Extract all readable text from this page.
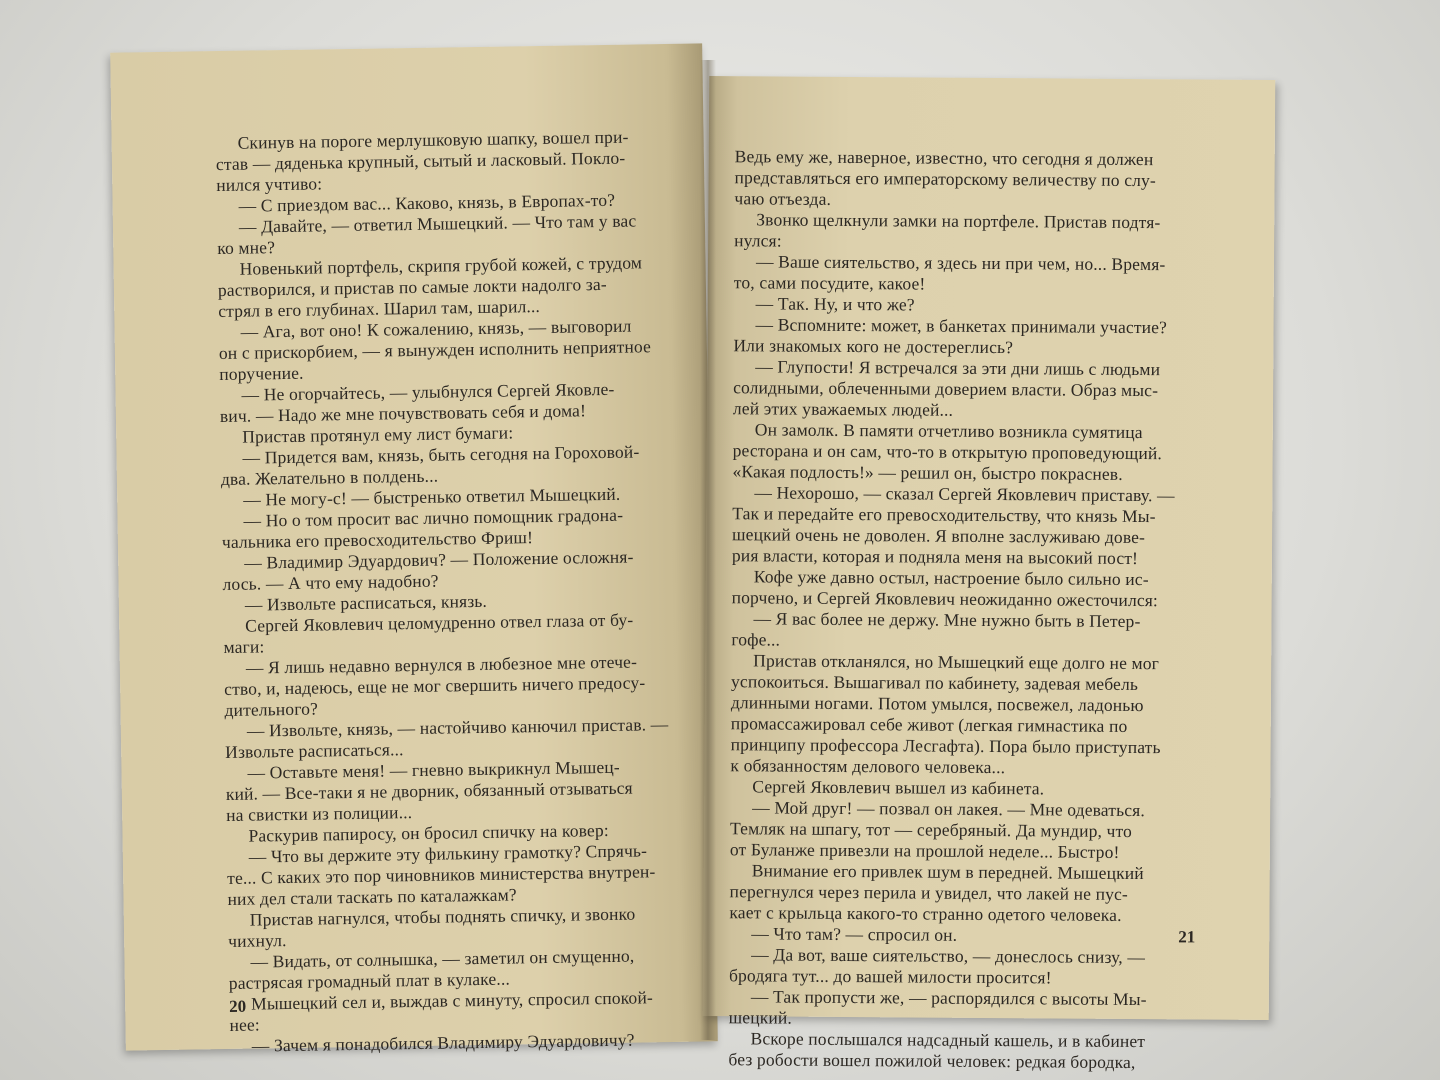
Скинув на пороге мерлушковую шапку, вошел при-
став — дяденька крупный, сытый и ласковый. Покло-
нился учтиво:
— С приездом вас... Каково, князь, в Европах-то?
— Давайте, — ответил Мышецкий. — Что там у вас
ко мне?
Новенький портфель, скрипя грубой кожей, с трудом
растворился, и пристав по самые локти надолго за-
стрял в его глубинах. Шарил там, шарил...
— Ага, вот оно! К сожалению, князь, — выговорил
он с прискорбием, — я вынужден исполнить неприятное
поручение.
— Не огорчайтесь, — улыбнулся Сергей Яковле-
вич. — Надо же мне почувствовать себя и дома!
Пристав протянул ему лист бумаги:
— Придется вам, князь, быть сегодня на Гороховой-
два. Желательно в полдень...
— Не могу-с! — быстренько ответил Мышецкий.
— Но о том просит вас лично помощник градона-
чальника его превосходительство Фриш!
— Владимир Эдуардович? — Положение осложня-
лось. — А что ему надобно?
— Извольте расписаться, князь.
Сергей Яковлевич целомудренно отвел глаза от бу-
маги:
— Я лишь недавно вернулся в любезное мне отече-
ство, и, надеюсь, еще не мог свершить ничего предосу-
дительного?
— Извольте, князь, — настойчиво канючил пристав. —
Извольте расписаться...
— Оставьте меня! — гневно выкрикнул Мышец-
кий. — Все-таки я не дворник, обязанный отзываться
на свистки из полиции...
Раскурив папиросу, он бросил спичку на ковер:
— Что вы держите эту филькину грамотку? Спрячь-
те... С каких это пор чиновников министерства внутрен-
них дел стали таскать по каталажкам?
Пристав нагнулся, чтобы поднять спичку, и звонко
чихнул.
— Видать, от солнышка, — заметил он смущенно,
растрясая громадный плат в кулаке...
Мышецкий сел и, выждав с минуту, спросил спокой-
нее:
— Зачем я понадобился Владимиру Эдуардовичу?
20
Ведь ему же, наверное, известно, что сегодня я должен
представляться его императорскому величеству по слу-
чаю отъезда.
Звонко щелкнули замки на портфеле. Пристав подтя-
нулся:
— Ваше сиятельство, я здесь ни при чем, но... Время-
то, сами посудите, какое!
— Так. Ну, и что же?
— Вспомните: может, в банкетах принимали участие?
Или знакомых кого не достереглись?
— Глупости! Я встречался за эти дни лишь с людьми
солидными, облеченными доверием власти. Образ мыс-
лей этих уважаемых людей...
Он замолк. В памяти отчетливо возникла сумятица
ресторана и он сам, что-то в открытую проповедующий.
«Какая подлость!» — решил он, быстро покраснев.
— Нехорошо, — сказал Сергей Яковлевич приставу. —
Так и передайте его превосходительству, что князь Мы-
шецкий очень не доволен. Я вполне заслуживаю дове-
рия власти, которая и подняла меня на высокий пост!
Кофе уже давно остыл, настроение было сильно ис-
порчено, и Сергей Яковлевич неожиданно ожесточился:
— Я вас более не держу. Мне нужно быть в Петер-
гофе...
Пристав откланялся, но Мышецкий еще долго не мог
успокоиться. Вышагивал по кабинету, задевая мебель
длинными ногами. Потом умылся, посвежел, ладонью
промассажировал себе живот (легкая гимнастика по
принципу профессора Лесгафта). Пора было приступать
к обязанностям делового человека...
Сергей Яковлевич вышел из кабинета.
— Мой друг! — позвал он лакея. — Мне одеваться.
Темляк на шпагу, тот — серебряный. Да мундир, что
от Буланже привезли на прошлой неделе... Быстро!
Внимание его привлек шум в передней. Мышецкий
перегнулся через перила и увидел, что лакей не пус-
кает с крыльца какого-то странно одетого человека.
— Что там? — спросил он.
— Да вот, ваше сиятельство, — донеслось снизу, —
бродяга тут... до вашей милости просится!
— Так пропусти же, — распорядился с высоты Мы-
шецкий.
Вскоре послышался надсадный кашель, и в кабинет
без робости вошел пожилой человек: редкая бородка,
21
